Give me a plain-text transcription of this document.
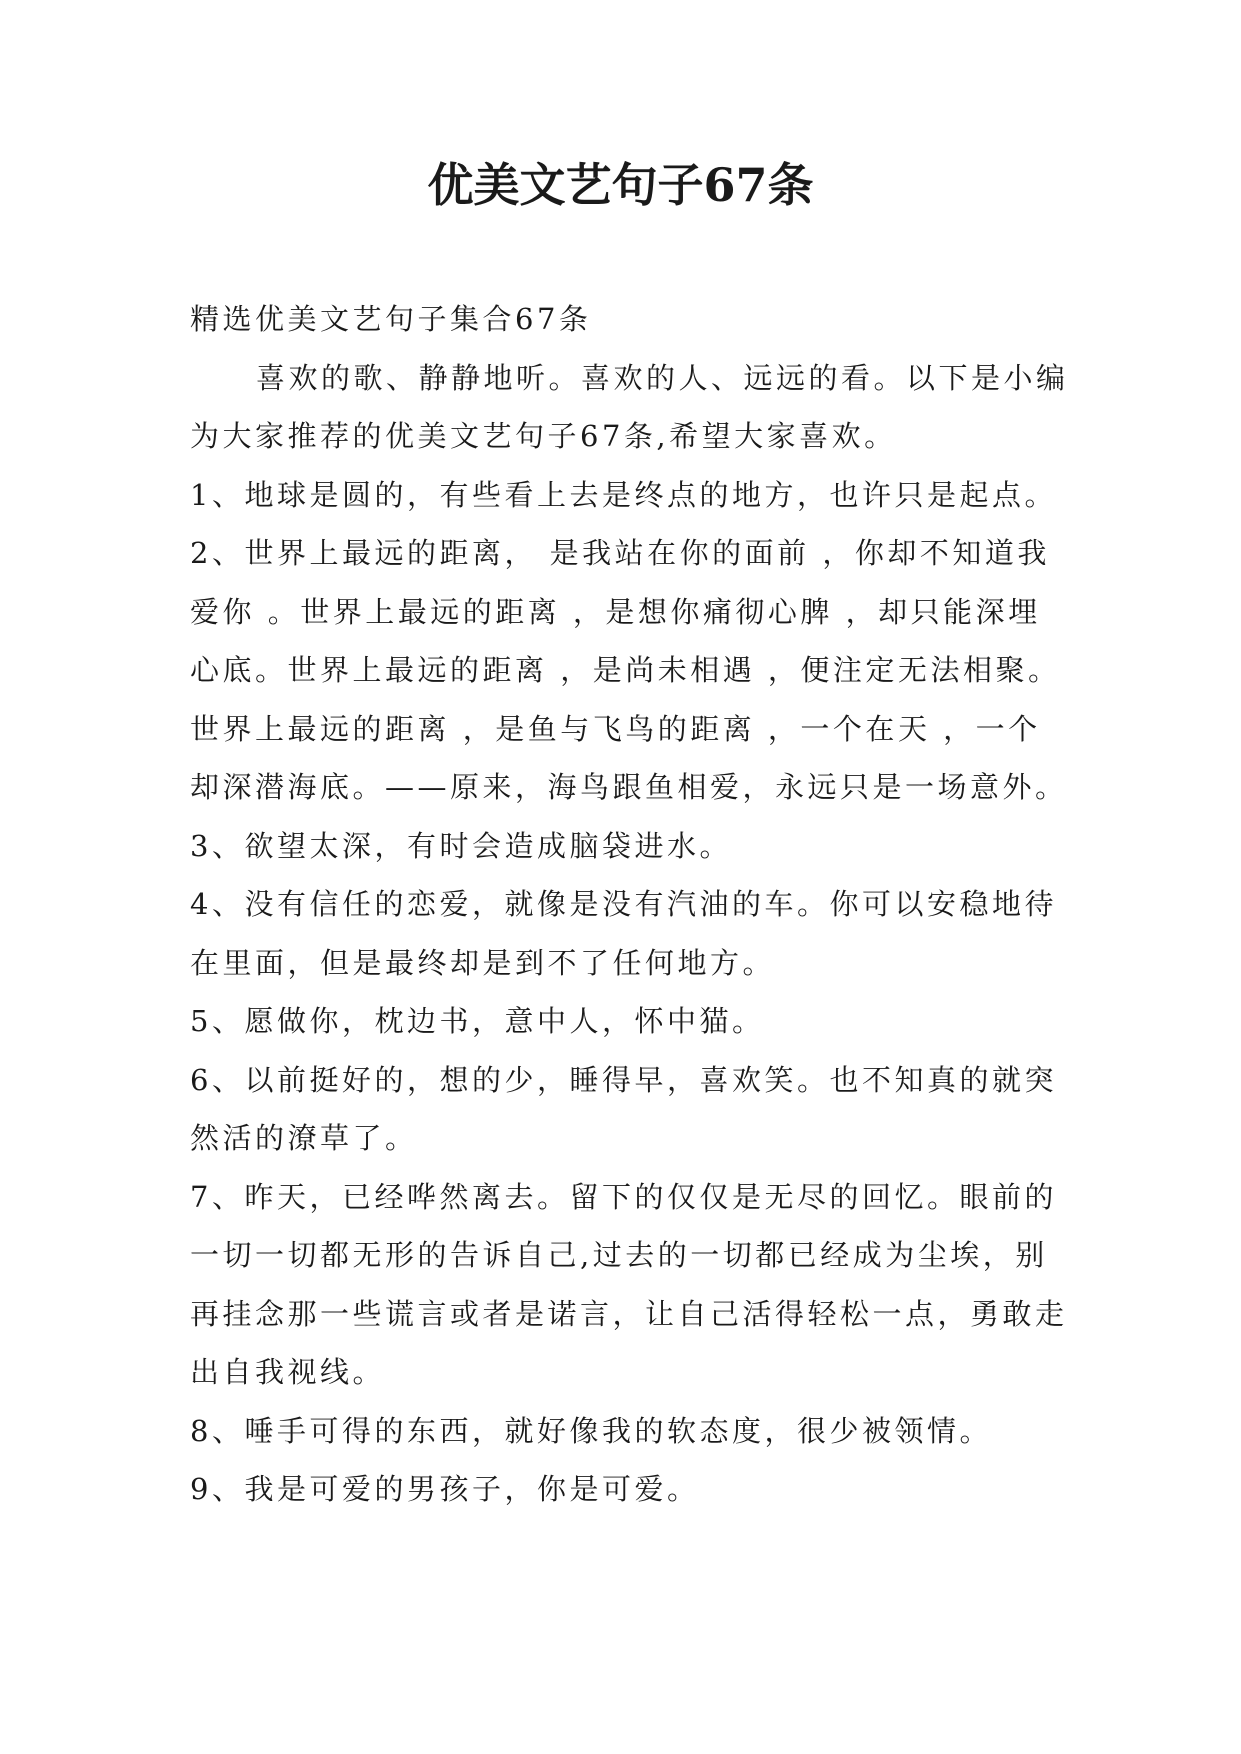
优美文艺句子67条

精选优美文艺句子集合67条

喜欢的歌、静静地听。喜欢的人、远远的看。以下是小编为大家推荐的优美文艺句子67条,希望大家喜欢。

1、地球是圆的，有些看上去是终点的地方，也许只是起点。

2、世界上最远的距离， 是我站在你的面前 ，你却不知道我爱你 。世界上最远的距离 ，是想你痛彻心脾 ，却只能深埋心底。世界上最远的距离 ，是尚未相遇 ，便注定无法相聚。世界上最远的距离 ，是鱼与飞鸟的距离 ，一个在天 ，一个却深潜海底。——原来，海鸟跟鱼相爱，永远只是一场意外。

3、欲望太深，有时会造成脑袋进水。

4、没有信任的恋爱，就像是没有汽油的车。你可以安稳地待在里面，但是最终却是到不了任何地方。

5、愿做你，枕边书，意中人，怀中猫。

6、以前挺好的，想的少，睡得早，喜欢笑。也不知真的就突然活的潦草了。

7、昨天，已经哗然离去。留下的仅仅是无尽的回忆。眼前的一切一切都无形的告诉自己,过去的一切都已经成为尘埃，别再挂念那一些谎言或者是诺言，让自己活得轻松一点，勇敢走出自我视线。

8、唾手可得的东西，就好像我的软态度，很少被领情。

9、我是可爱的男孩子，你是可爱。
